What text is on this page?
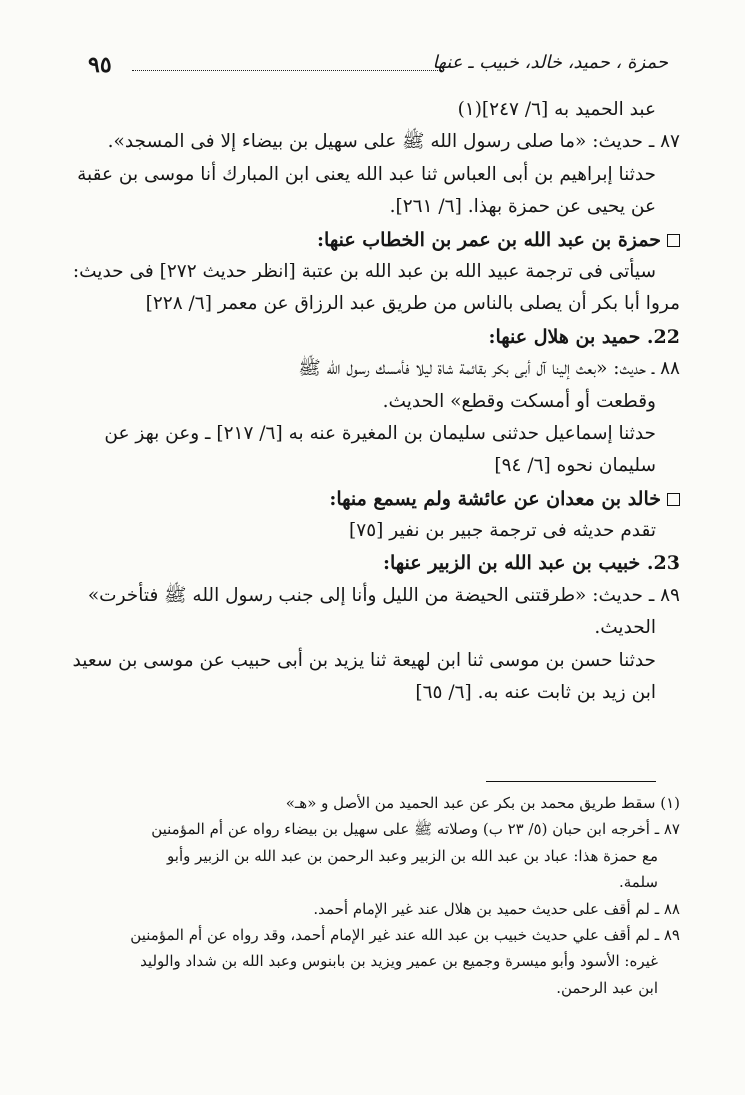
٩٥	حمزة ، حميد، خالد، خبيب ـ عنها
عبد الحميد به [٦/ ٢٤٧](١)
٨٧ ـ حديث: «ما صلى رسول الله ﷺ على سهيل بن بيضاء إلا فى المسجد».
حدثنا إبراهيم بن أبى العباس ثنا عبد الله يعنى ابن المبارك أنا موسى بن عقبة
عن يحيى عن حمزة بهذا. [٦/ ٢٦١].
حمزة بن عبد الله بن عمر بن الخطاب عنها:
سيأتى فى ترجمة عبيد الله بن عبد الله بن عتبة [انظر حديث ٢٧٢] فى حديث:
مروا أبا بكر أن يصلى بالناس من طريق عبد الرزاق عن معمر [٦/ ٢٢٨]
22. حميد بن هلال عنها:
٨٨ ـ حديث: «بعث إلينا آل أبى بكر بقائمة شاة ليلا فأمسك رسول الله ﷺ
وقطعت أو أمسكت وقطع» الحديث.
حدثنا إسماعيل حدثنى سليمان بن المغيرة عنه به [٦/ ٢١٧] ـ وعن بهز عن
سليمان نحوه [٦/ ٩٤]
خالد بن معدان عن عائشة ولم يسمع منها:
تقدم حديثه فى ترجمة جبير بن نفير [٧٥]
23. خبيب بن عبد الله بن الزبير عنها:
٨٩ ـ حديث: «طرقتنى الحيضة من الليل وأنا إلى جنب رسول الله ﷺ فتأخرت»
الحديث.
حدثنا حسن بن موسى ثنا ابن لهيعة ثنا يزيد بن أبى حبيب عن موسى بن سعيد
ابن زيد بن ثابت عنه به. [٦/ ٦٥]
(١) سقط طريق محمد بن بكر عن عبد الحميد من الأصل و «هـ»
٨٧ ـ أخرجه ابن حبان (٥/ ٢٣ ب) وصلاته ﷺ على سهيل بن بيضاء رواه عن أم المؤمنين
مع حمزة هذا: عباد بن عبد الله بن الزبير وعبد الرحمن بن عبد الله بن الزبير وأبو
سلمة.
٨٨ ـ لم أقف على حديث حميد بن هلال عند غير الإمام أحمد.
٨٩ ـ لم أقف علي حديث خبيب بن عبد الله عند غير الإمام أحمد، وقد رواه عن أم المؤمنين
غيره: الأسود وأبو ميسرة وجميع بن عمير ويزيد بن بابنوس وعبد الله بن شداد والوليد
ابن عبد الرحمن.
